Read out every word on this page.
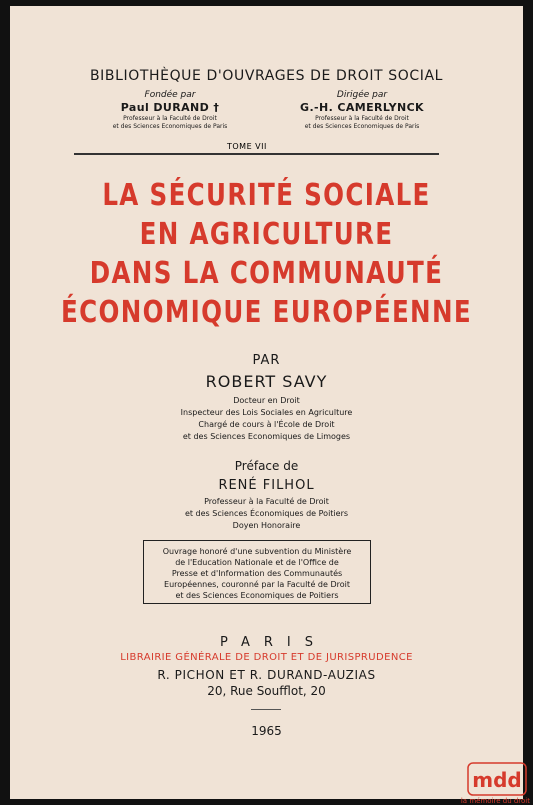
BIBLIOTHÈQUE D'OUVRAGES DE DROIT SOCIAL
Fondée par
Paul DURAND †
Professeur à la Faculté de Droit
et des Sciences Economiques de Paris
Dirigée par
G.-H. CAMERLYNCK
Professeur à la Faculté de Droit
et des Sciences Economiques de Paris
TOME VII
LA SÉCURITÉ SOCIALE
EN AGRICULTURE
DANS LA COMMUNAUTÉ
ÉCONOMIQUE EUROPÉENNE
PAR
ROBERT SAVY
Docteur en Droit
Inspecteur des Lois Sociales en Agriculture
Chargé de cours à l'École de Droit
et des Sciences Economiques de Limoges
Préface de
RENÉ FILHOL
Professeur à la Faculté de Droit
et des Sciences Économiques de Poitiers
Doyen Honoraire
Ouvrage honoré d'une subvention du Ministère
de l'Education Nationale et de l'Office de
Presse et d'Information des Communautés
Européennes, couronné par la Faculté de Droit
et des Sciences Economiques de Poitiers
PARIS
LIBRAIRIE GÉNÉRALE DE DROIT ET DE JURISPRUDENCE
R. PICHON ET R. DURAND-AUZIAS
20, Rue Soufflot, 20
1965
mdd
la mémoire du droit
